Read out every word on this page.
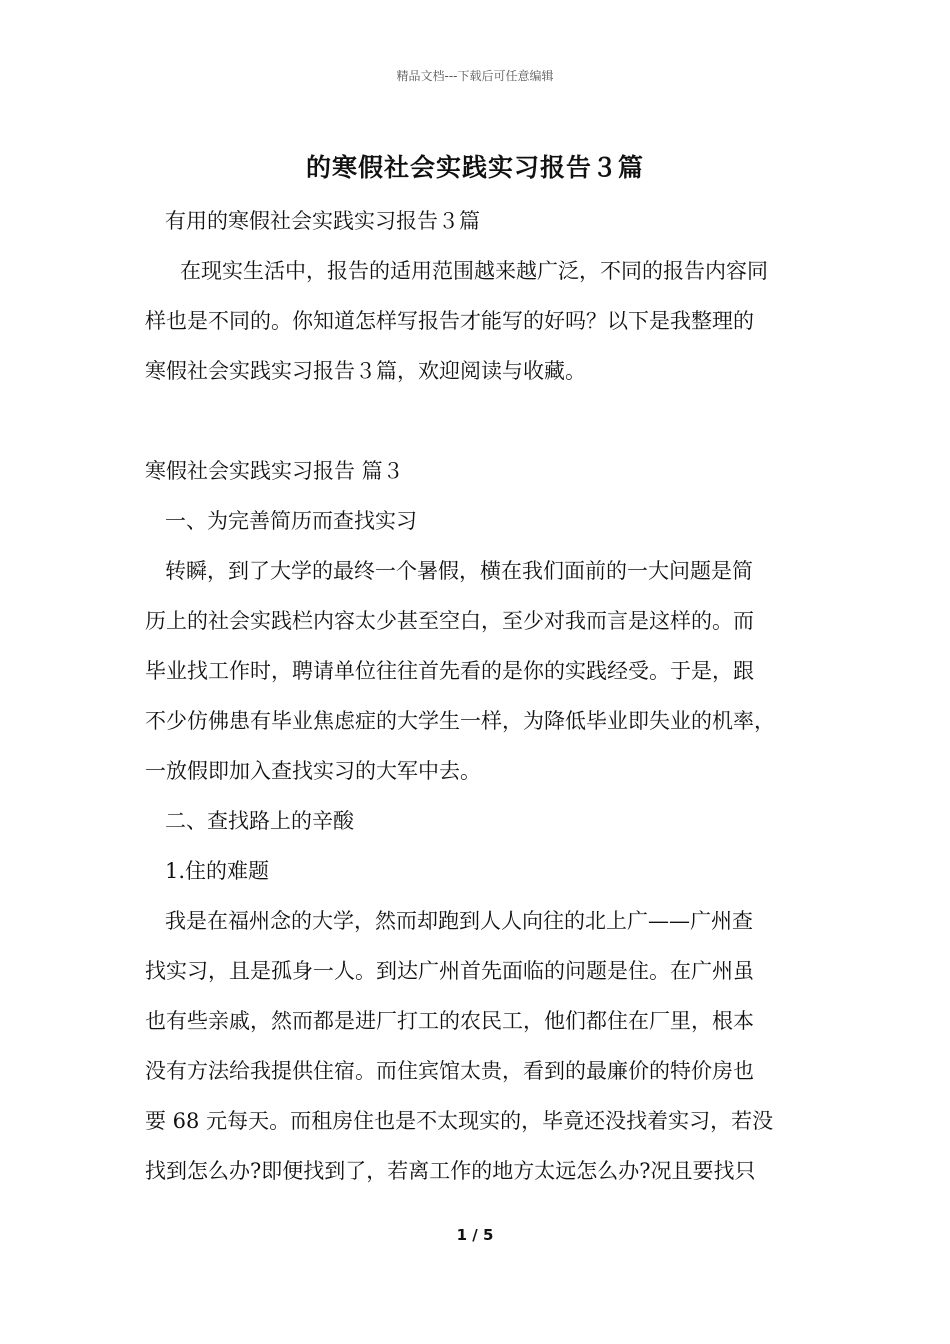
精品文档---下载后可任意编辑
的寒假社会实践实习报告３篇
有用的寒假社会实践实习报告３篇
在现实生活中，报告的适用范围越来越广泛，不同的报告内容同
样也是不同的。你知道怎样写报告才能写的好吗？以下是我整理的
寒假社会实践实习报告３篇，欢迎阅读与收藏。
寒假社会实践实习报告 篇３
一、为完善简历而查找实习
转瞬，到了大学的最终一个暑假，横在我们面前的一大问题是简
历上的社会实践栏内容太少甚至空白，至少对我而言是这样的。而
毕业找工作时，聘请单位往往首先看的是你的实践经受。于是，跟
不少仿佛患有毕业焦虑症的大学生一样，为降低毕业即失业的机率，
一放假即加入查找实习的大军中去。
二、查找路上的辛酸
1.住的难题
我是在福州念的大学，然而却跑到人人向往的北上广——广州查
找实习，且是孤身一人。到达广州首先面临的问题是住。在广州虽
也有些亲戚，然而都是进厂打工的农民工，他们都住在厂里，根本
没有方法给我提供住宿。而住宾馆太贵，看到的最廉价的特价房也
要 68 元每天。而租房住也是不太现实的，毕竟还没找着实习，若没
找到怎么办?即便找到了，若离工作的地方太远怎么办?况且要找只
1 / 5
